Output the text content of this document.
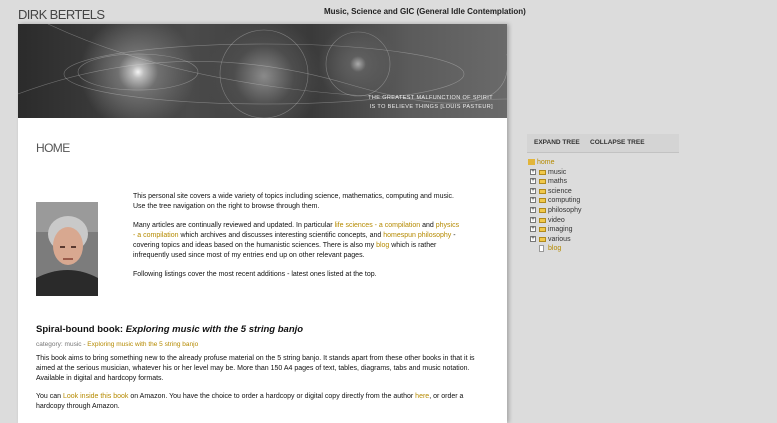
DIRK BERTELS	Music, Science and GIC (General Idle Contemplation)
THE GREATEST MALFUNCTION OF SPIRIT
IS TO BELIEVE THINGS [LOUIS PASTEUR]
HOME

This personal site covers a wide variety of topics including science, mathematics, computing and music. Use the tree navigation on the right to browse through them.

Many articles are continually reviewed and updated. In particular life sciences - a compilation and physics - a compilation which archives and discusses interesting scientific concepts, and homespun philosophy - covering topics and ideas based on the humanistic sciences. There is also my blog which is rather infrequently used since most of my entries end up on other relevant pages.

Following listings cover the most recent additions - latest ones listed at the top.

Spiral-bound book: Exploring music with the 5 string banjo
category: music - Exploring music with the 5 string banjo

This book aims to bring something new to the already profuse material on the 5 string banjo. It stands apart from these other books in that it is aimed at the serious musician, whatever his or her level may be. More than 150 A4 pages of text, tables, diagrams, tabs and music notation. Available in digital and hardcopy formats.

You can Look inside this book on Amazon. You have the choice to order a hardcopy or digital copy directly from the author here, or order a hardcopy through Amazon.

EXPAND TREE COLLAPSE TREE
home
+ music
+ maths
+ science
+ computing
+ philosophy
+ video
+ imaging
+ various
blog
